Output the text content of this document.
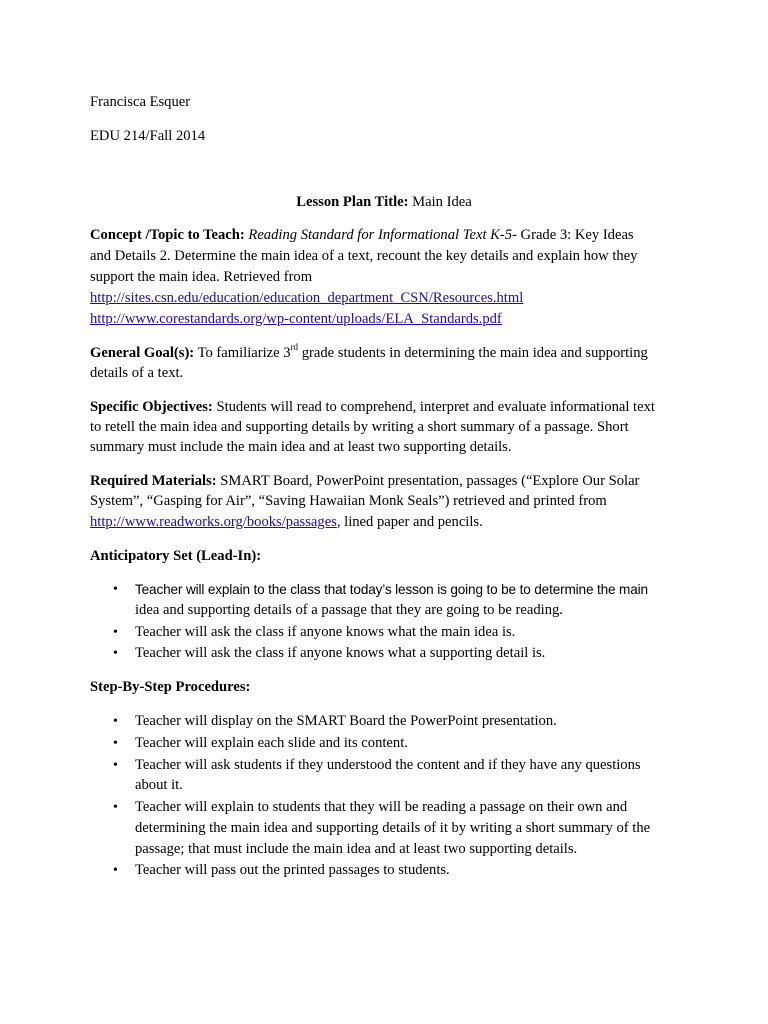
Francisca Esquer
EDU 214/Fall 2014
Lesson Plan Title: Main Idea
Concept /Topic to Teach: Reading Standard for Informational Text K-5- Grade 3: Key Ideas
and Details 2. Determine the main idea of a text, recount the key details and explain how they
support the main idea. Retrieved from
http://sites.csn.edu/education/education_department_CSN/Resources.html
http://www.corestandards.org/wp-content/uploads/ELA_Standards.pdf
General Goal(s): To familiarize 3rd grade students in determining the main idea and supporting
details of a text.
Specific Objectives: Students will read to comprehend, interpret and evaluate informational text
to retell the main idea and supporting details by writing a short summary of a passage. Short
summary must include the main idea and at least two supporting details.
Required Materials: SMART Board, PowerPoint presentation, passages (“Explore Our Solar
System”, “Gasping for Air”, “Saving Hawaiian Monk Seals”) retrieved and printed from
http://www.readworks.org/books/passages, lined paper and pencils.
Anticipatory Set (Lead-In):
• Teacher will explain to the class that today’s lesson is going to be to determine the main
idea and supporting details of a passage that they are going to be reading.
• Teacher will ask the class if anyone knows what the main idea is.
• Teacher will ask the class if anyone knows what a supporting detail is.
Step-By-Step Procedures:
• Teacher will display on the SMART Board the PowerPoint presentation.
• Teacher will explain each slide and its content.
• Teacher will ask students if they understood the content and if they have any questions
about it.
• Teacher will explain to students that they will be reading a passage on their own and
determining the main idea and supporting details of it by writing a short summary of the
passage; that must include the main idea and at least two supporting details.
• Teacher will pass out the printed passages to students.
